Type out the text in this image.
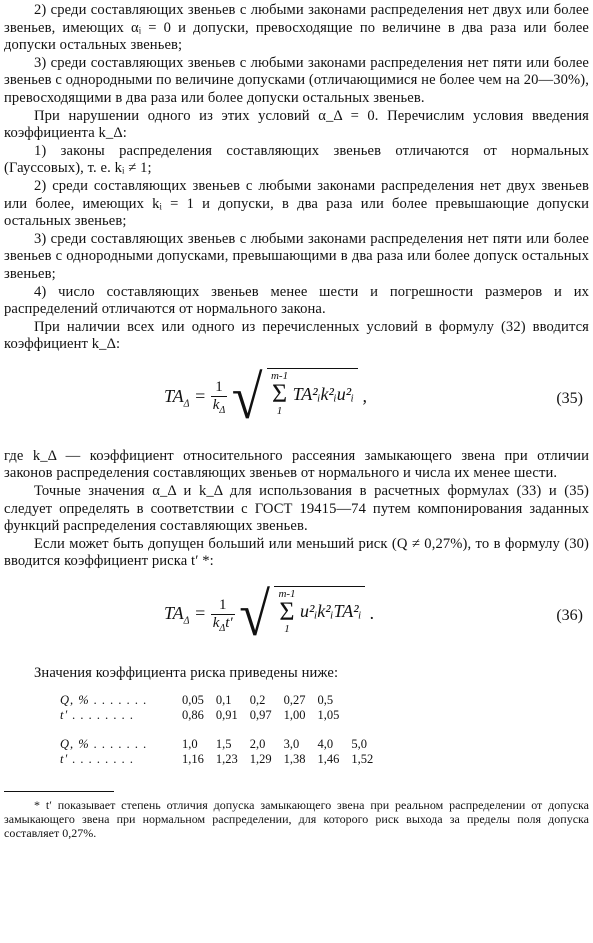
2) среди составляющих звеньев с любыми законами распределения нет двух или более звеньев, имеющих αᵢ = 0 и допуски, превосходящие по величине в два раза или более допуски остальных звеньев;

3) среди составляющих звеньев с любыми законами распределения нет пяти или более звеньев с однородными по величине допусками (отличающимися не более чем на 20—30%), превосходящими в два раза или более допуски остальных звеньев.

При нарушении одного из этих условий α_Δ = 0. Перечислим условия введения коэффициента k_Δ:

1) законы распределения составляющих звеньев отличаются от нормальных (Гауссовых), т. е. kᵢ ≠ 1;

2) среди составляющих звеньев с любыми законами распределения нет двух звеньев или более, имеющих kᵢ = 1 и допуски, в два раза или более превышающие допуски остальных звеньев;

3) среди составляющих звеньев с любыми законами распределения нет пяти или более звеньев с однородными допусками, превышающими в два раза или более допуск остальных звеньев;

4) число составляющих звеньев менее шести и погрешности размеров и их распределений отличаются от нормального закона.

При наличии всех или одного из перечисленных условий в формулу (32) вводится коэффициент k_Δ:

$TA_\Delta = \frac{1}{k_\Delta}$ √ m-1
Σ
1
TA²ᵢk²ᵢu²ᵢ ,	(35)

где k_Δ — коэффициент относительного рассеяния замыкающего звена при отличии законов распределения составляющих звеньев от нормального и числа их менее шести.

Точные значения α_Δ и k_Δ для использования в расчетных формулах (33) и (35) следует определять в соответствии с ГОСТ 19415—74 путем компонирования заданных функций распределения составляющих звеньев.

Если может быть допущен больший или меньший риск (Q ≠ 0,27%), то в формулу (30) вводится коэффициент риска t′ *:

$TA_\Delta = \frac{1}{k_\Delta t'}$ √ m-1
Σ
1
u²ᵢk²ᵢTA²ᵢ .	(36)

Значения коэффициента риска приведены ниже:

Q, % . . . . . . .	0,05	0,1	0,2	0,27	0,5	
t′ . . . . . . . .	0,86	0,91	0,97	1,00	1,05	

Q, % . . . . . . .	1,0	1,5	2,0	3,0	4,0	5,0
t′ . . . . . . . .	1,16	1,23	1,29	1,38	1,46	1,52

* t′ показывает степень отличия допуска замыкающего звена при реальном распределении от допуска замыкающего звена при нормальном распределении, для которого риск выхода за пределы поля допуска составляет 0,27%.
